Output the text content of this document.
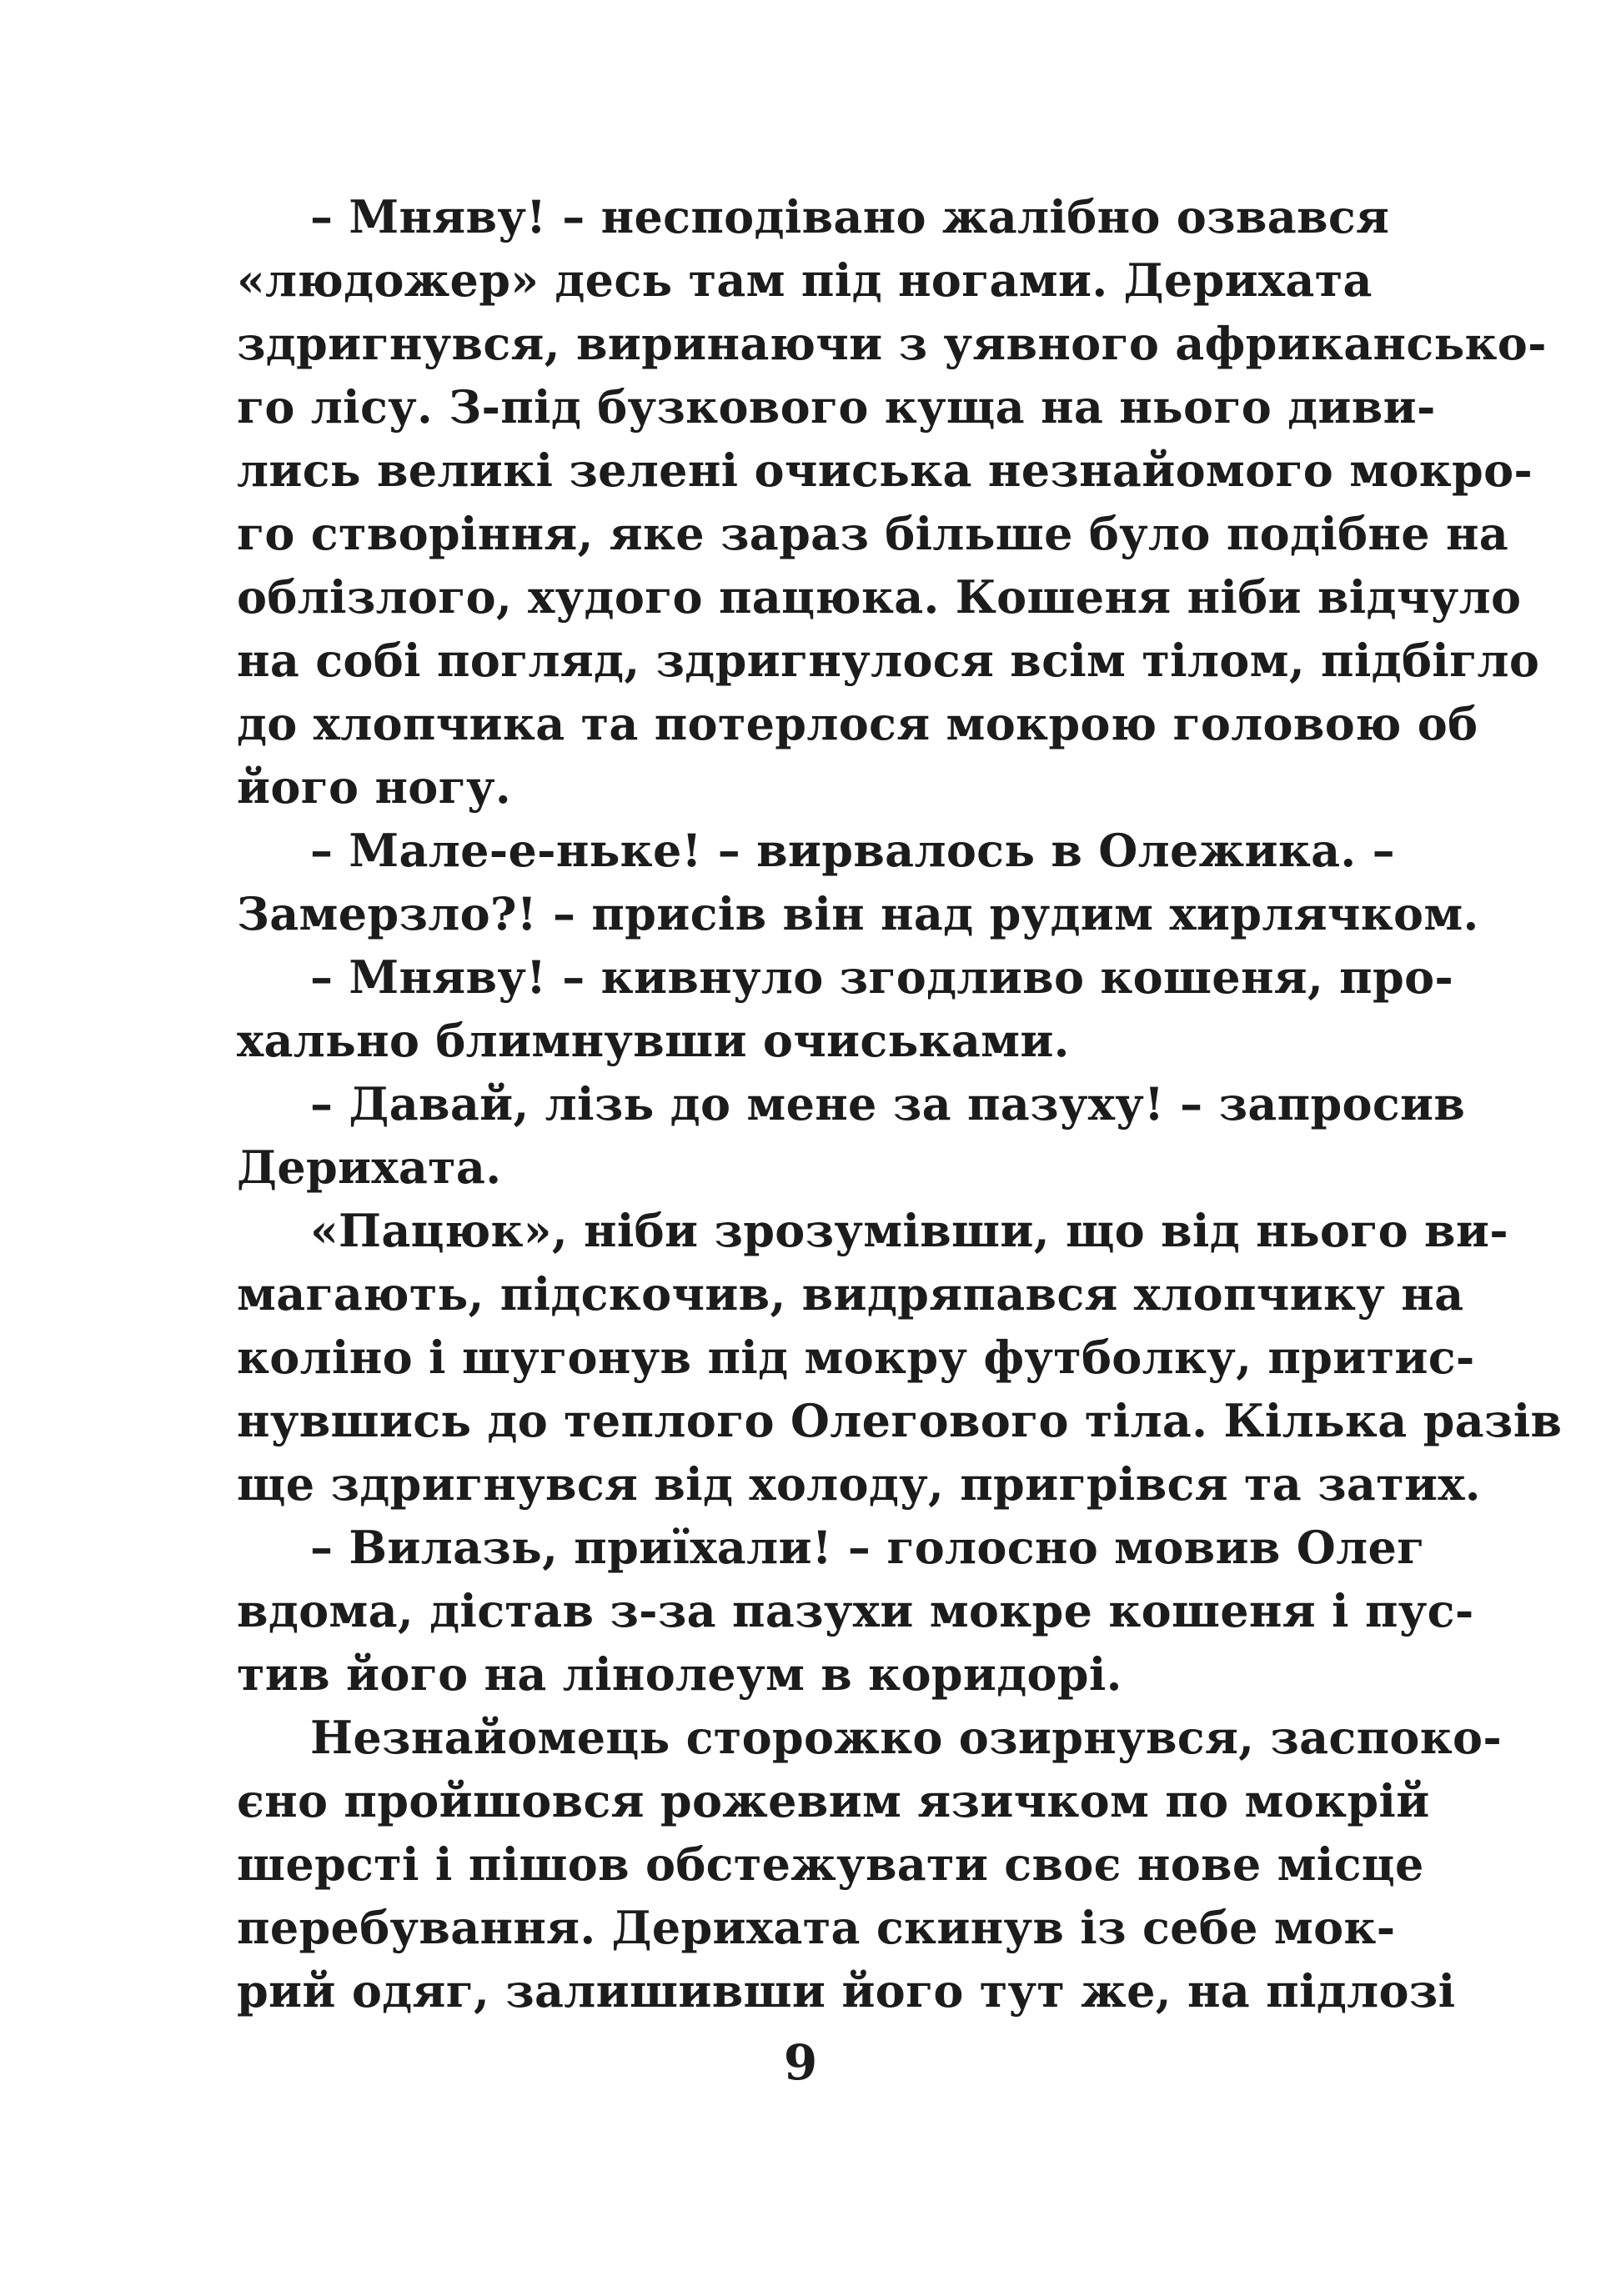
– Мняву! – несподівано жалібно озвався
«людожер» десь там під ногами. Дерихата
здригнувся, виринаючи з уявного африкансько-
го лісу. З-під бузкового куща на нього диви-
лись великі зелені очиська незнайомого мокро-
го створіння, яке зараз більше було подібне на
облізлого, худого пацюка. Кошеня ніби відчуло
на собі погляд, здригнулося всім тілом, підбігло
до хлопчика та потерлося мокрою головою об
його ногу.
– Мале-е-ньке! – вирвалось в Олежика. –
Замерзло?! – присів він над рудим хирлячком.
– Мняву! – кивнуло згодливо кошеня, про-
хально блимнувши очиськами.
– Давай, лізь до мене за пазуху! – запросив
Дерихата.
«Пацюк», ніби зрозумівши, що від нього ви-
магають, підскочив, видряпався хлопчику на
коліно і шугонув під мокру футболку, притис-
нувшись до теплого Олегового тіла. Кілька разів
ще здригнувся від холоду, пригрівся та затих.
– Вилазь, приїхали! – голосно мовив Олег
вдома, дістав з-за пазухи мокре кошеня і пус-
тив його на лінолеум в коридорі.
Незнайомець сторожко озирнувся, заспоко-
єно пройшовся рожевим язичком по мокрій
шерсті і пішов обстежувати своє нове місце
перебування. Дерихата скинув із себе мок-
рий одяг, залишивши його тут же, на підлозі
9
